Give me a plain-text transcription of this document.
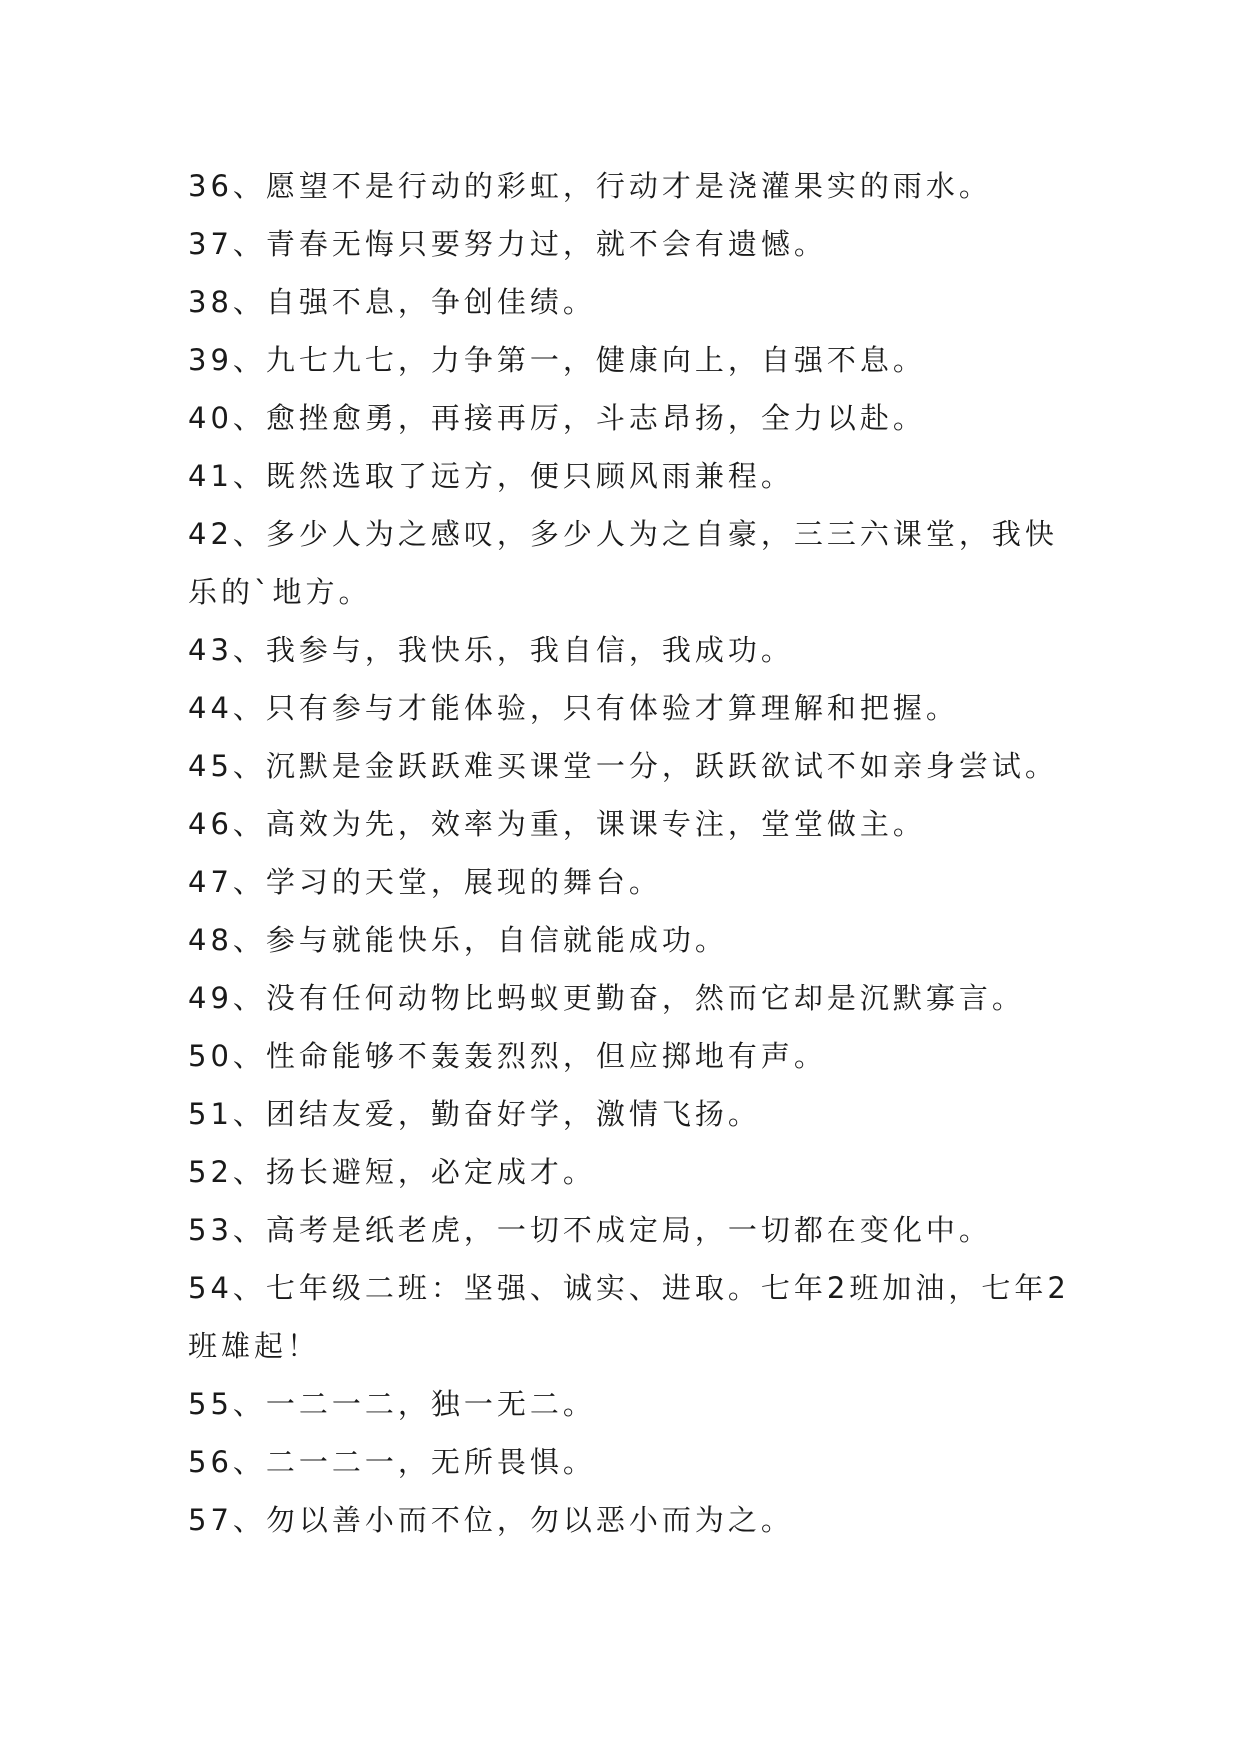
36、愿望不是行动的彩虹，行动才是浇灌果实的雨水。

37、青春无悔只要努力过，就不会有遗憾。

38、自强不息，争创佳绩。

39、九七九七，力争第一，健康向上，自强不息。

40、愈挫愈勇，再接再厉，斗志昂扬，全力以赴。

41、既然选取了远方，便只顾风雨兼程。

42、多少人为之感叹，多少人为之自豪，三三六课堂，我快乐的`地方。

43、我参与，我快乐，我自信，我成功。

44、只有参与才能体验，只有体验才算理解和把握。

45、沉默是金跃跃难买课堂一分，跃跃欲试不如亲身尝试。

46、高效为先，效率为重，课课专注，堂堂做主。

47、学习的天堂，展现的舞台。

48、参与就能快乐，自信就能成功。

49、没有任何动物比蚂蚁更勤奋，然而它却是沉默寡言。

50、性命能够不轰轰烈烈，但应掷地有声。

51、团结友爱，勤奋好学，激情飞扬。

52、扬长避短，必定成才。

53、高考是纸老虎，一切不成定局，一切都在变化中。

54、七年级二班：坚强、诚实、进取。七年2班加油，七年2班雄起！

55、一二一二，独一无二。

56、二一二一，无所畏惧。

57、勿以善小而不位，勿以恶小而为之。
